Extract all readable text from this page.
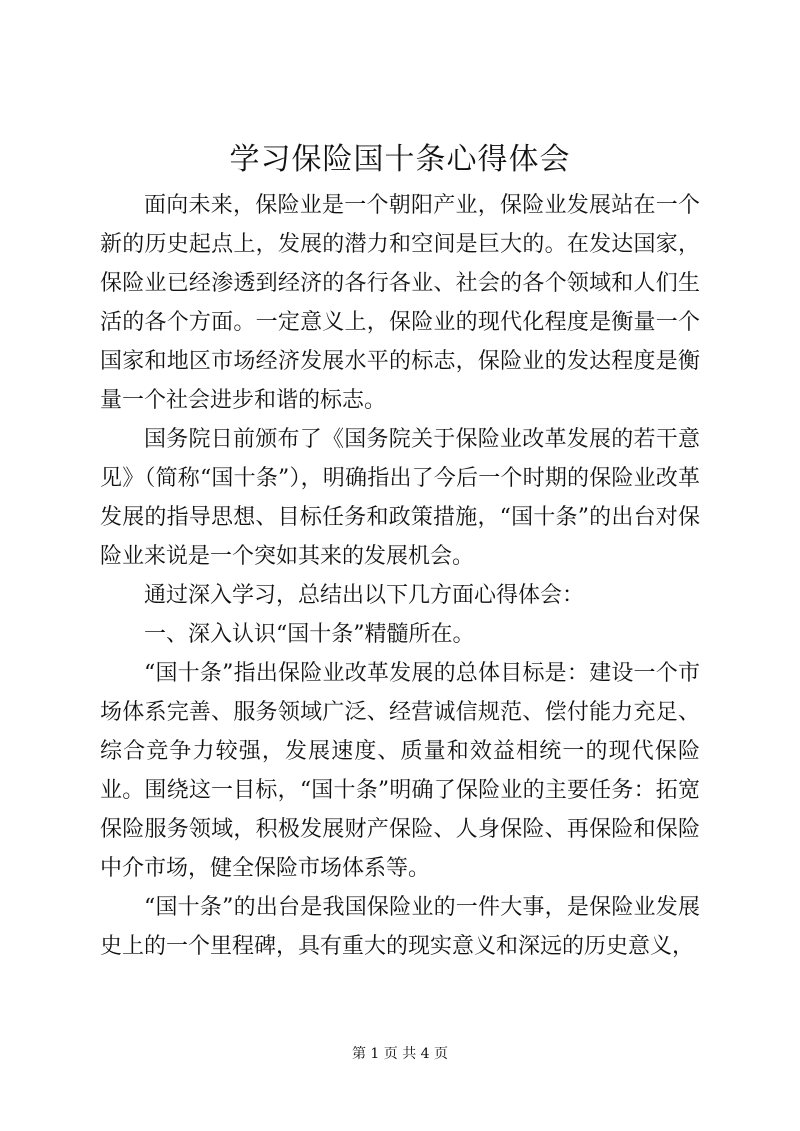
学习保险国十条心得体会

面向未来，保险业是一个朝阳产业，保险业发展站在一个新的历史起点上，发展的潜力和空间是巨大的。在发达国家，保险业已经渗透到经济的各行各业、社会的各个领域和人们生活的各个方面。一定意义上，保险业的现代化程度是衡量一个国家和地区市场经济发展水平的标志，保险业的发达程度是衡量一个社会进步和谐的标志。

国务院日前颁布了《国务院关于保险业改革发展的若干意见》（简称“国十条”），明确指出了今后一个时期的保险业改革发展的指导思想、目标任务和政策措施，“国十条”的出台对保险业来说是一个突如其来的发展机会。

通过深入学习，总结出以下几方面心得体会：

一、深入认识“国十条”精髓所在。

“国十条”指出保险业改革发展的总体目标是：建设一个市场体系完善、服务领域广泛、经营诚信规范、偿付能力充足、综合竞争力较强，发展速度、质量和效益相统一的现代保险业。围绕这一目标，“国十条”明确了保险业的主要任务：拓宽保险服务领域，积极发展财产保险、人身保险、再保险和保险中介市场，健全保险市场体系等。

“国十条”的出台是我国保险业的一件大事，是保险业发展史上的一个里程碑，具有重大的现实意义和深远的历史意义，

第 1 页 共 4 页
